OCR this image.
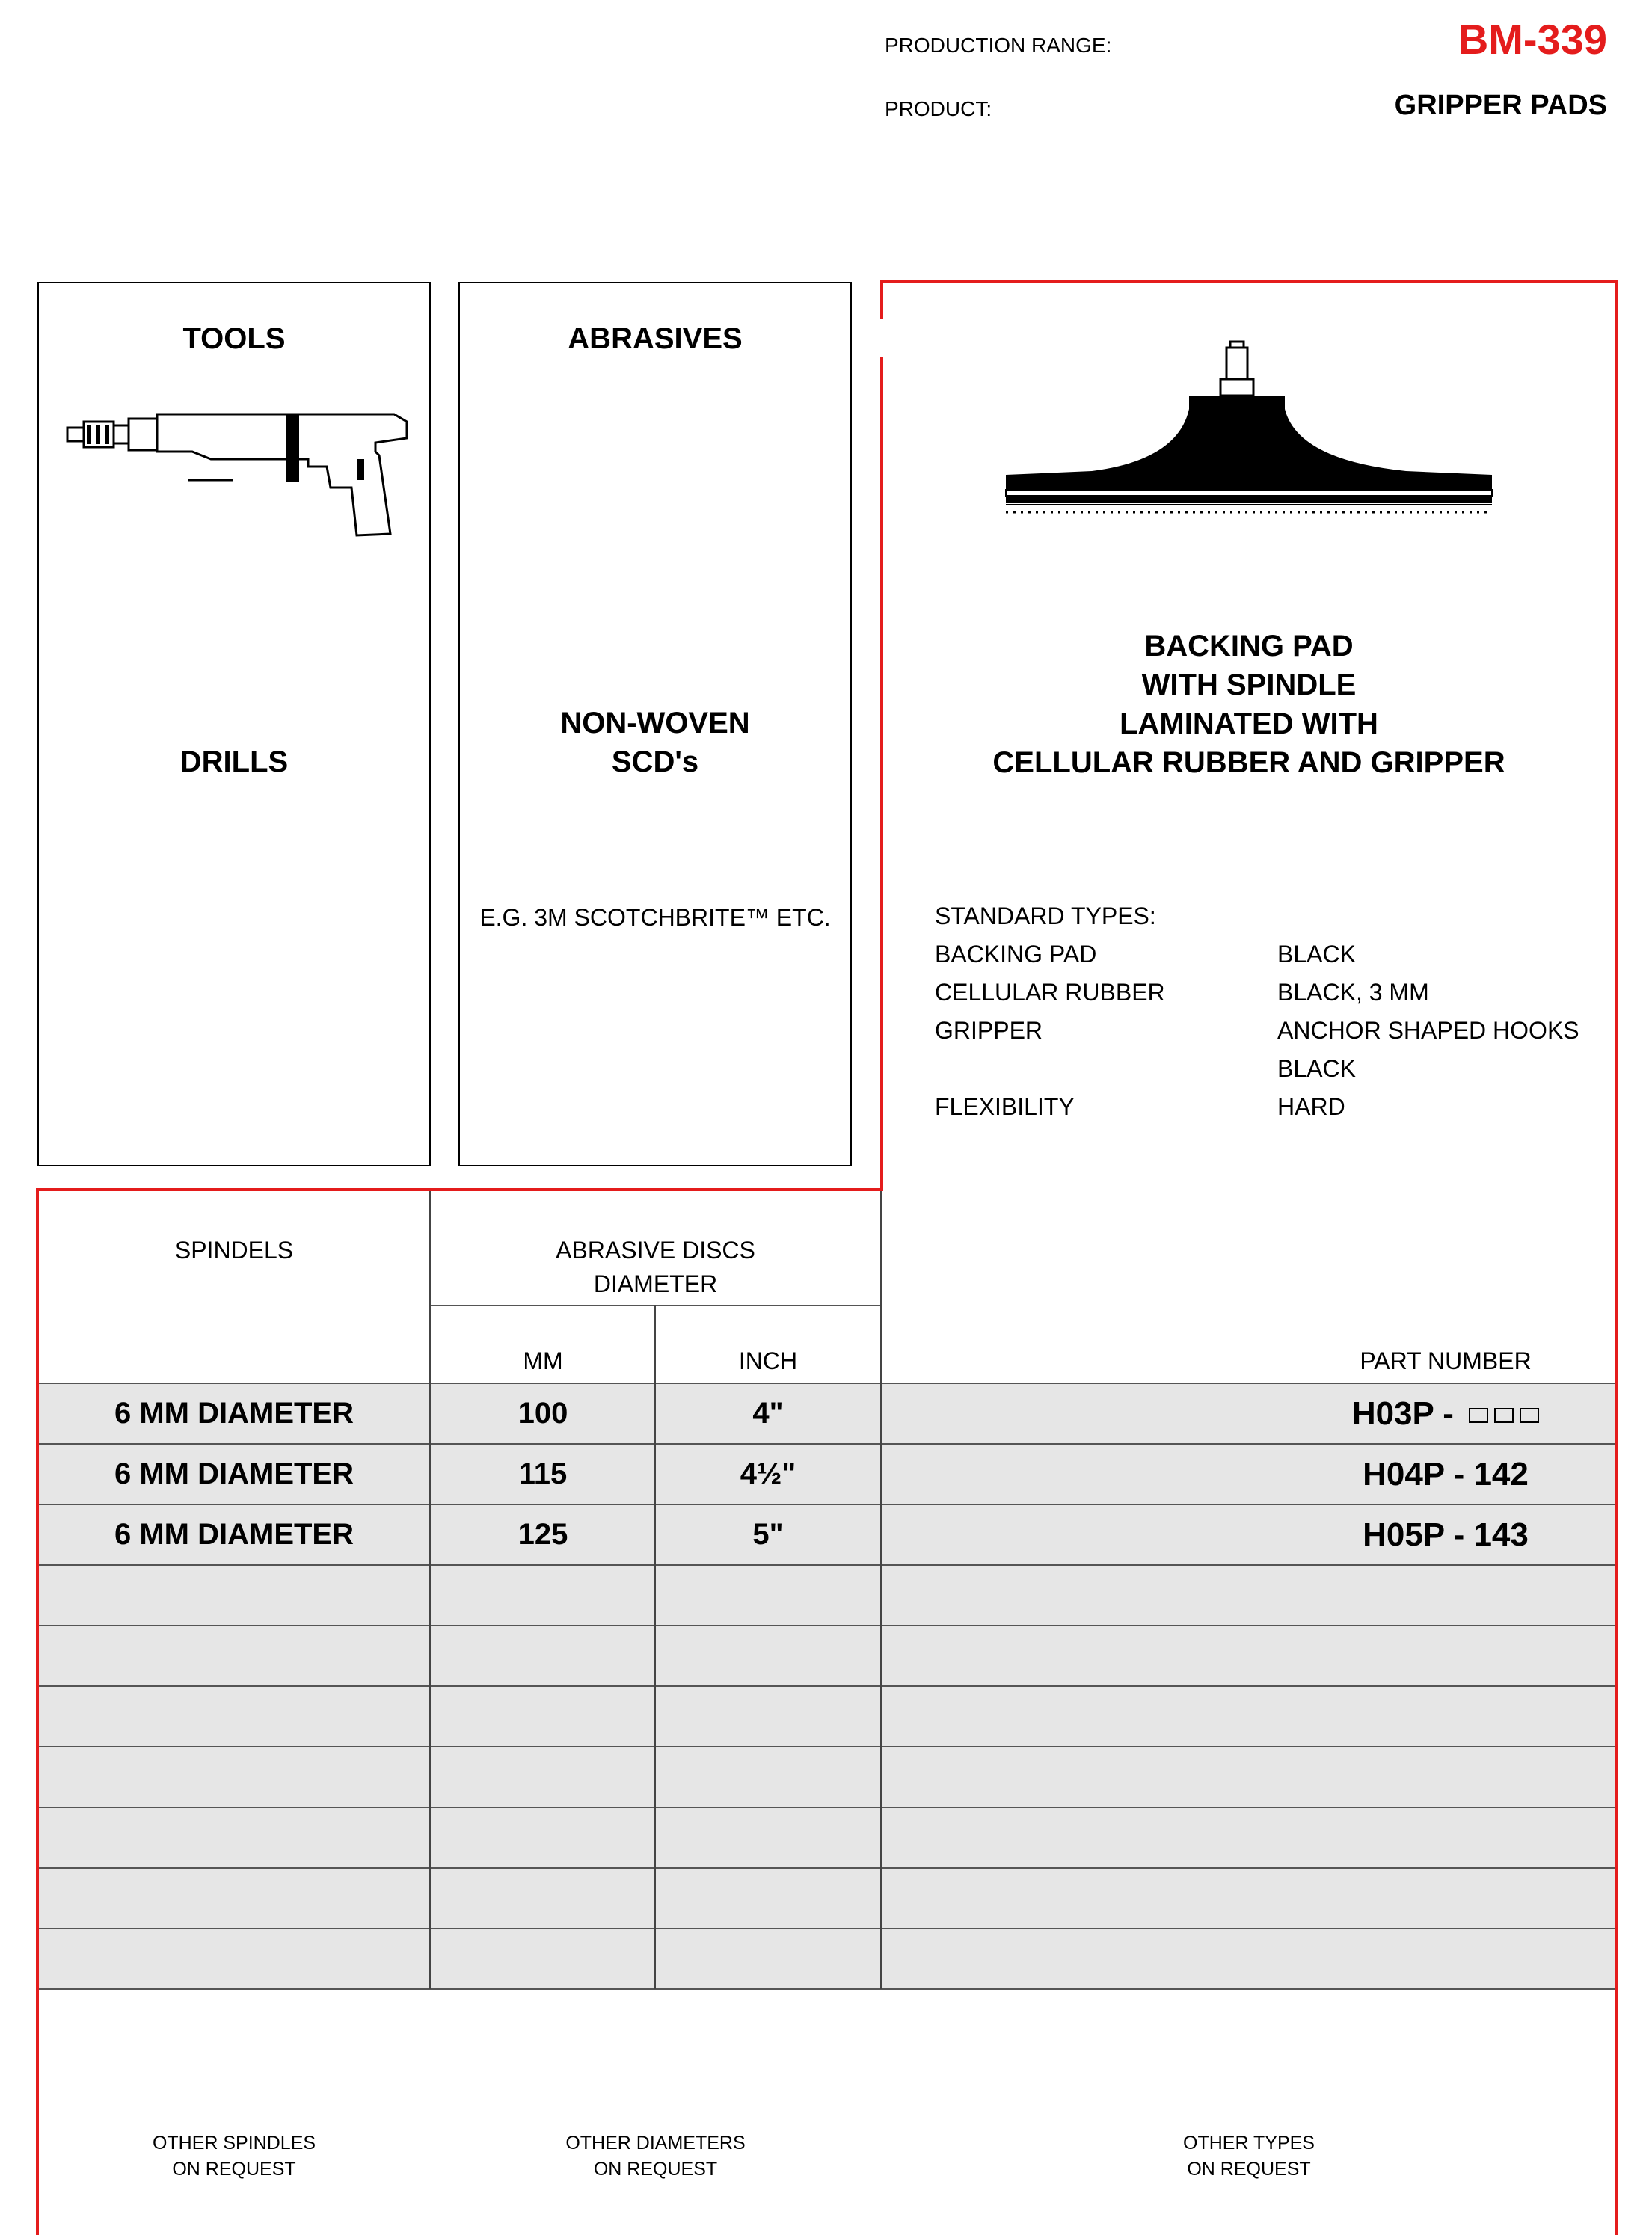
PRODUCTION RANGE:	BM-339
PRODUCT:	GRIPPER PADS
TOOLS
DRILLS
ABRASIVES
NON-WOVEN
SCD's
E.G. 3M SCOTCHBRITE™ ETC.
BACKING PAD
WITH SPINDLE
LAMINATED WITH
CELLULAR RUBBER AND GRIPPER
STANDARD TYPES:
BACKING PAD	BLACK
CELLULAR RUBBER	BLACK, 3 MM
GRIPPER	ANCHOR SHAPED HOOKS
BLACK
FLEXIBILITY	HARD
SPINDELS	ABRASIVE DISCS
DIAMETER
MM	INCH	PART NUMBER
6 MM DIAMETER	100	4"	H03P -
6 MM DIAMETER	115	4½"	H04P - 142
6 MM DIAMETER	125	5"	H05P - 143
OTHER SPINDLES
ON REQUEST
OTHER DIAMETERS
ON REQUEST
OTHER TYPES
ON REQUEST
